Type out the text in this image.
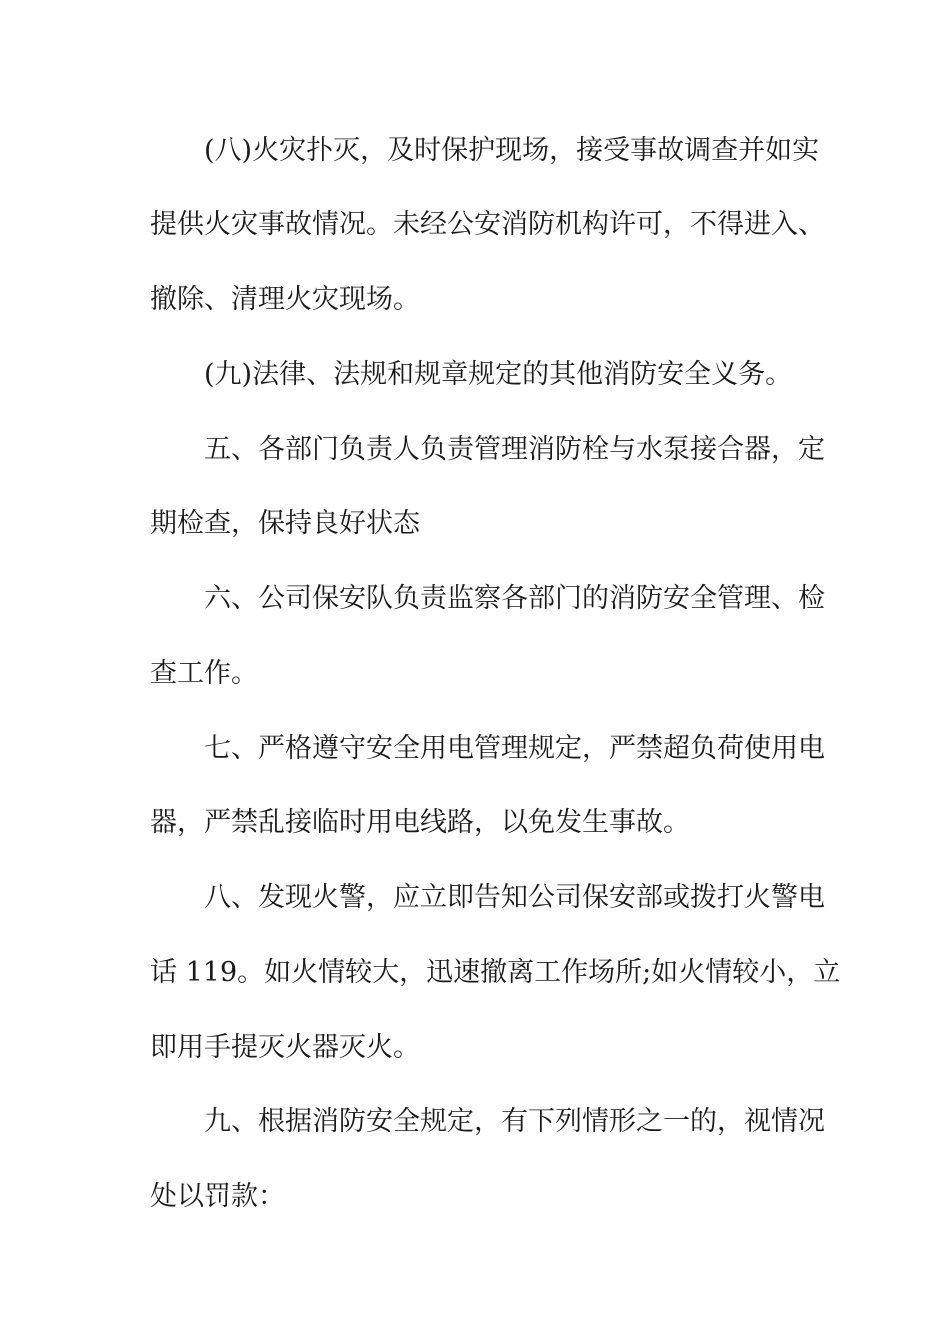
　　(八)火灾扑灭，及时保护现场，接受事故调查并如实
提供火灾事故情况。未经公安消防机构许可，不得进入、
撤除、清理火灾现场。
　　(九)法律、法规和规章规定的其他消防安全义务。
　　五、各部门负责人负责管理消防栓与水泵接合器，定
期检查，保持良好状态
　　六、公司保安队负责监察各部门的消防安全管理、检
查工作。
　　七、严格遵守安全用电管理规定，严禁超负荷使用电
器，严禁乱接临时用电线路，以免发生事故。
　　八、发现火警，应立即告知公司保安部或拨打火警电
话 119。如火情较大，迅速撤离工作场所;如火情较小，立
即用手提灭火器灭火。
　　九、根据消防安全规定，有下列情形之一的，视情况
处以罚款：
